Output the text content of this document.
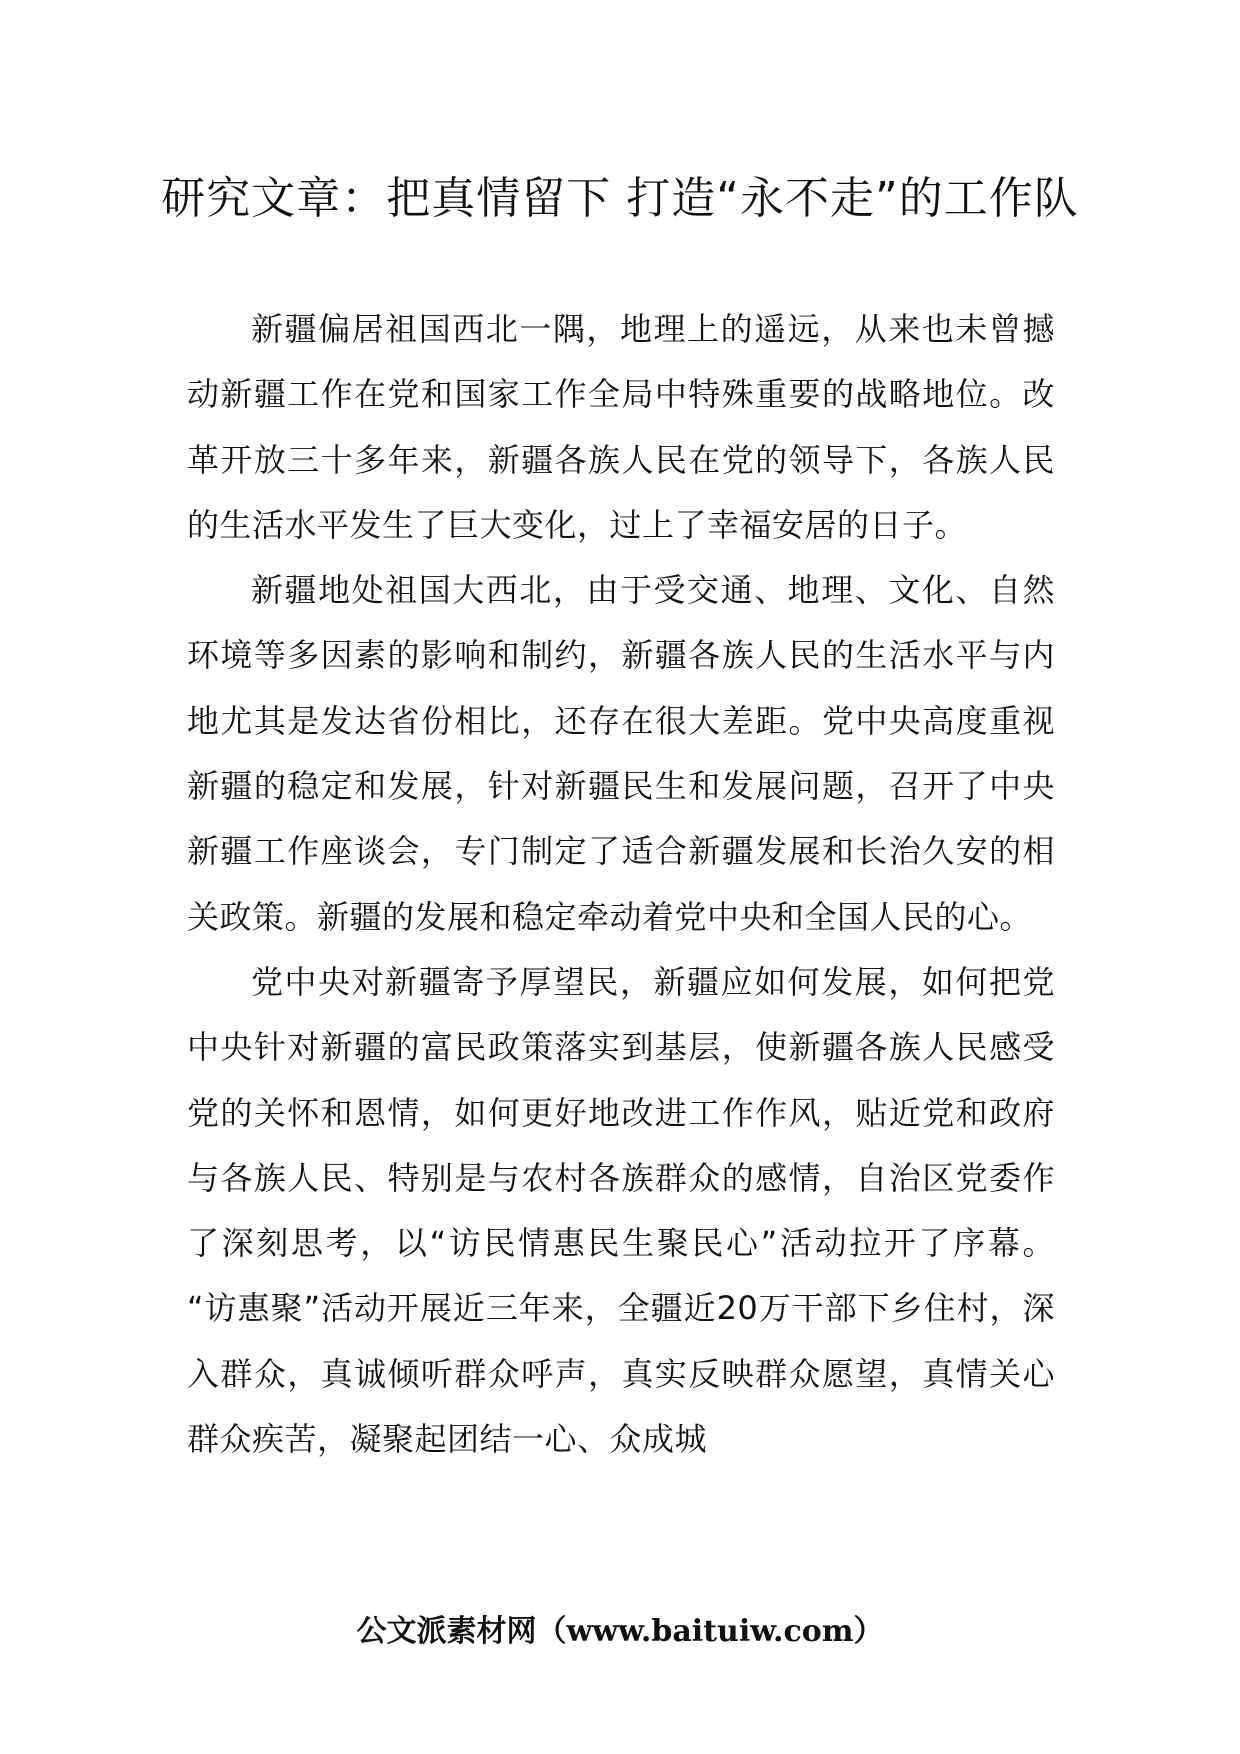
研究文章：把真情留下 打造“永不走”的工作队

新疆偏居祖国西北一隅，地理上的遥远，从来也未曾撼动新疆工作在党和国家工作全局中特殊重要的战略地位。改革开放三十多年来，新疆各族人民在党的领导下，各族人民的生活水平发生了巨大变化，过上了幸福安居的日子。

新疆地处祖国大西北，由于受交通、地理、文化、自然环境等多因素的影响和制约，新疆各族人民的生活水平与内地尤其是发达省份相比，还存在很大差距。党中央高度重视新疆的稳定和发展，针对新疆民生和发展问题，召开了中央新疆工作座谈会，专门制定了适合新疆发展和长治久安的相关政策。新疆的发展和稳定牵动着党中央和全国人民的心。

党中央对新疆寄予厚望民，新疆应如何发展，如何把党中央针对新疆的富民政策落实到基层，使新疆各族人民感受党的关怀和恩情，如何更好地改进工作作风，贴近党和政府与各族人民、特别是与农村各族群众的感情，自治区党委作了深刻思考，以“访民情惠民生聚民心”活动拉开了序幕。 “访惠聚”活动开展近三年来，全疆近20万干部下乡住村，深入群众，真诚倾听群众呼声，真实反映群众愿望，真情关心群众疾苦，凝聚起团结一心、众成城

公文派素材网（www.baituiw.com）
